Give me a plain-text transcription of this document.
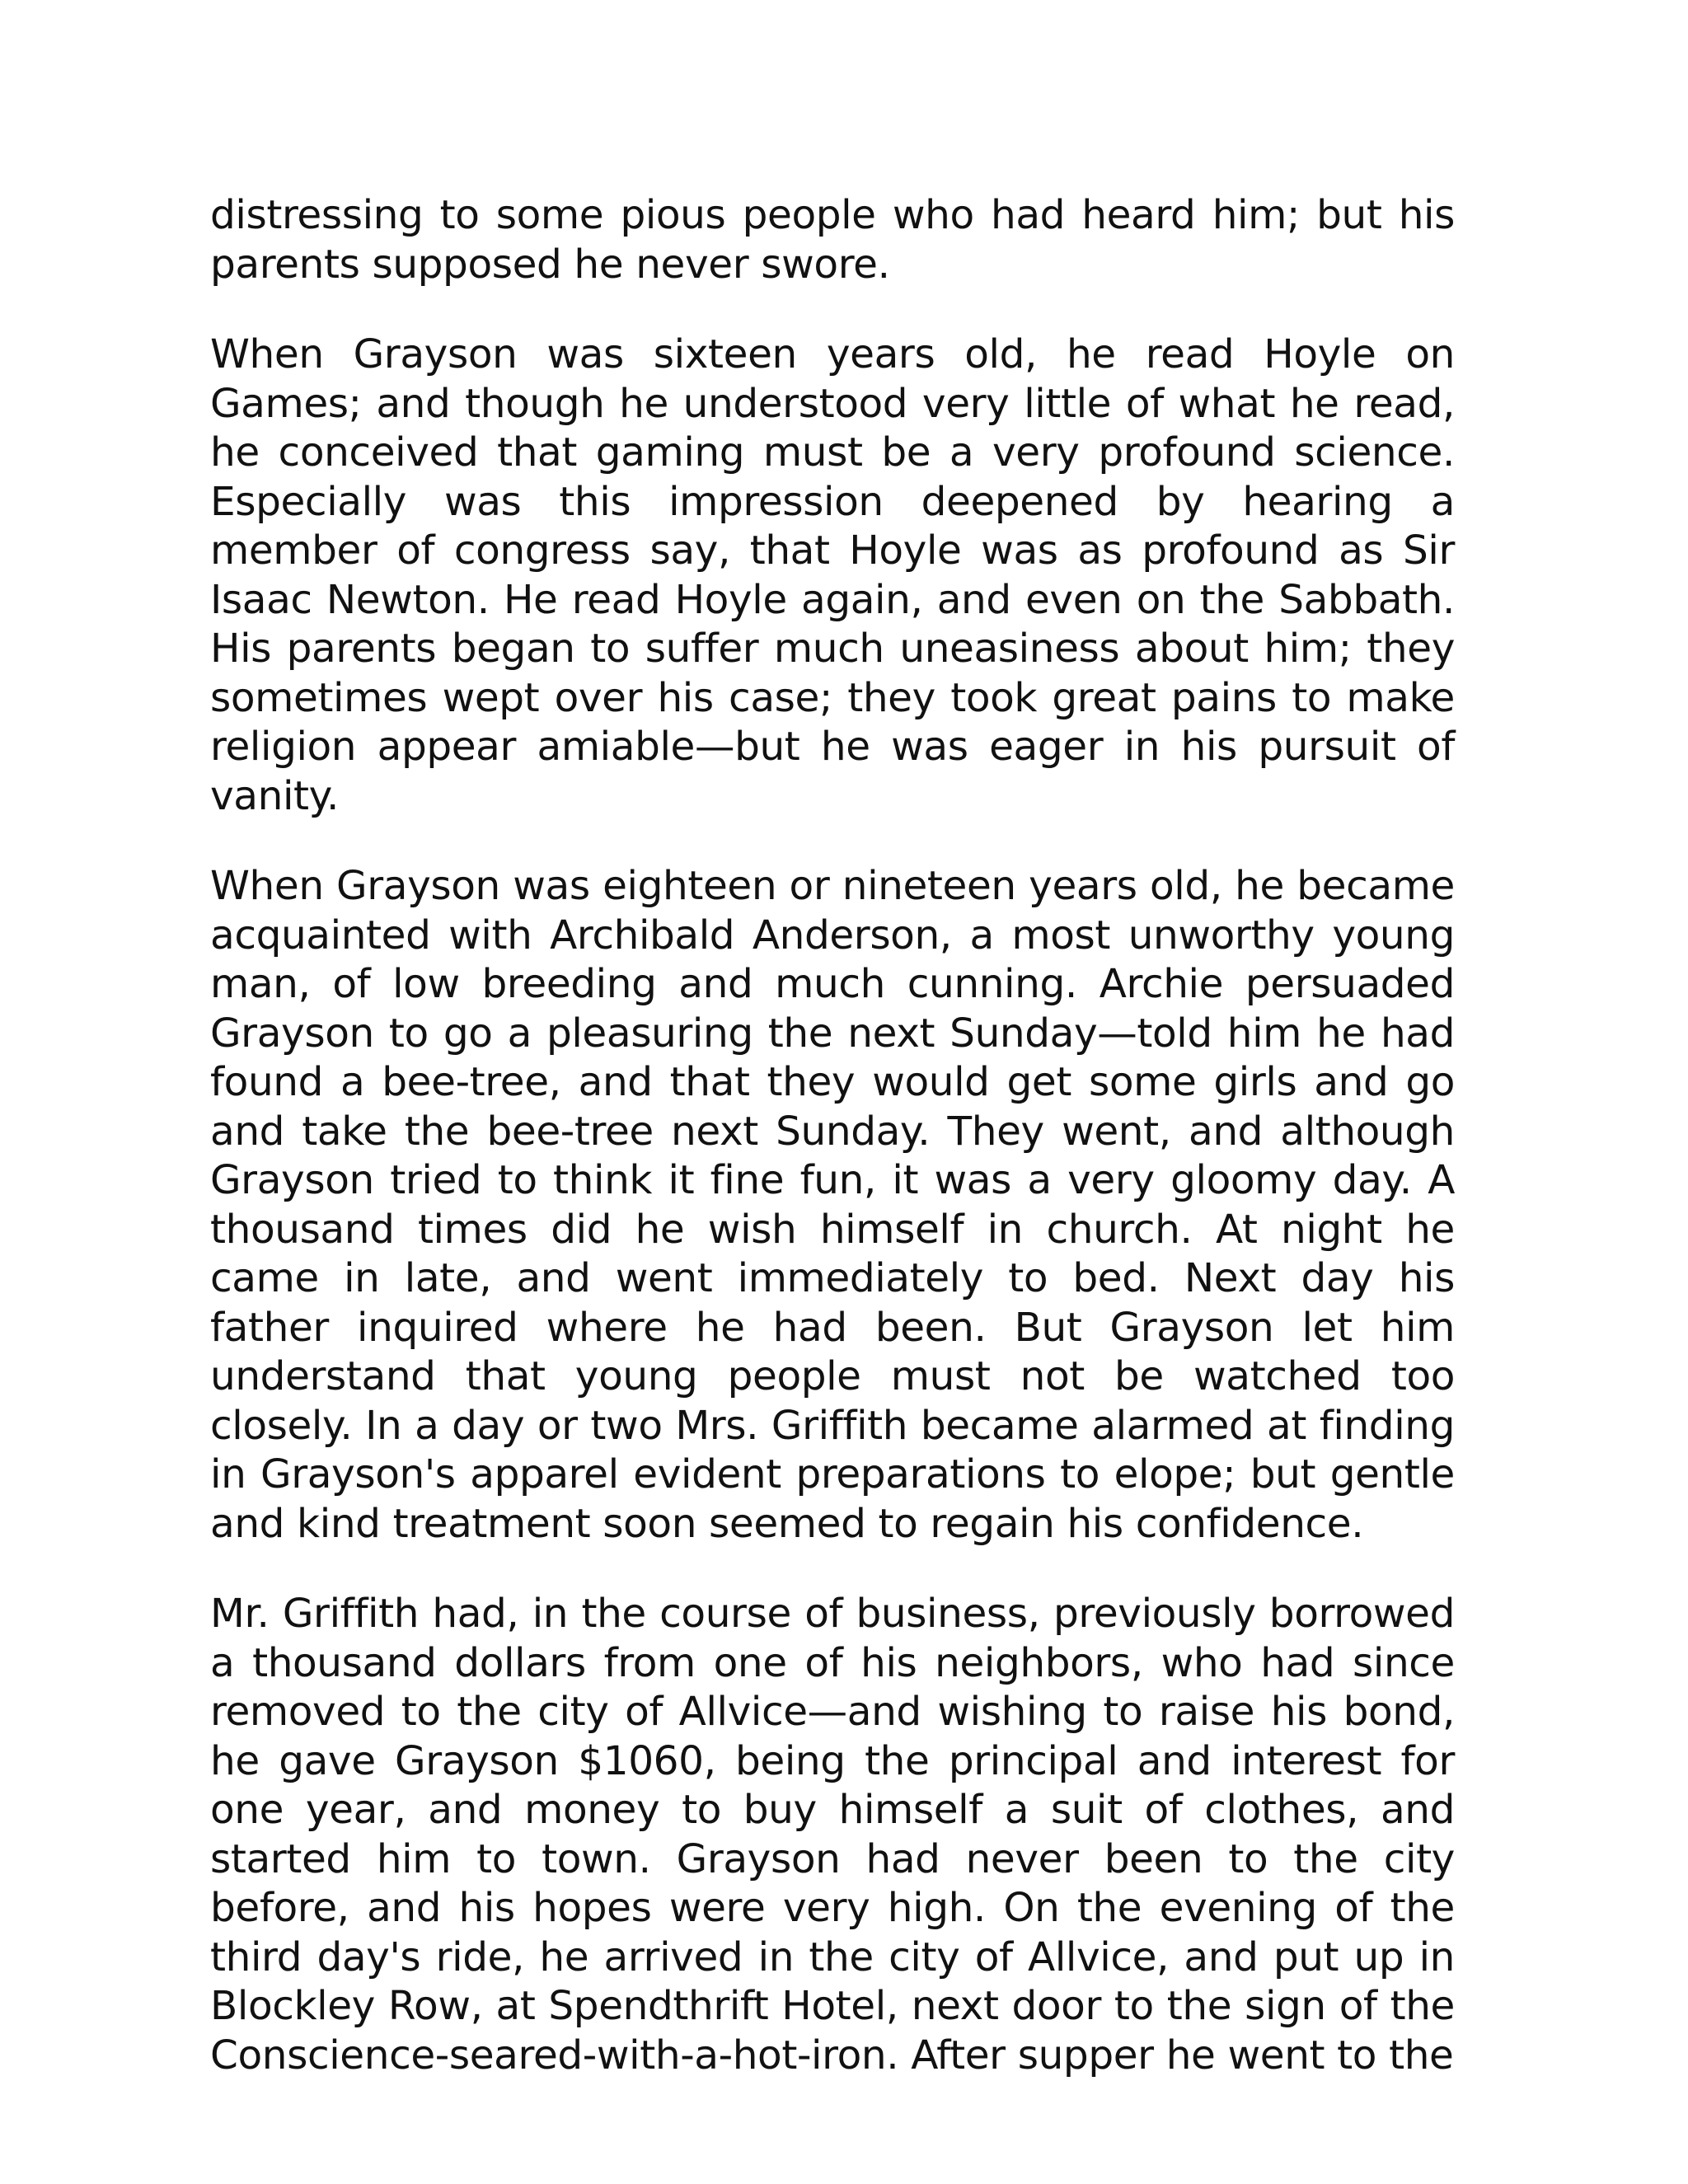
distressing to some pious people who had heard him; but his parents supposed he never swore.

When Grayson was sixteen years old, he read Hoyle on Games; and though he understood very little of what he read, he conceived that gaming must be a very profound science. Especially was this impression deepened by hearing a member of congress say, that Hoyle was as profound as Sir Isaac Newton. He read Hoyle again, and even on the Sabbath. His parents began to suffer much uneasiness about him; they sometimes wept over his case; they took great pains to make religion appear amiable—but he was eager in his pursuit of vanity.

When Grayson was eighteen or nineteen years old, he became acquainted with Archibald Anderson, a most unworthy young man, of low breeding and much cunning. Archie persuaded Grayson to go a pleasuring the next Sunday—told him he had found a bee-tree, and that they would get some girls and go and take the bee-tree next Sunday. They went, and although Grayson tried to think it fine fun, it was a very gloomy day. A thousand times did he wish himself in church. At night he came in late, and went immediately to bed. Next day his father inquired where he had been. But Grayson let him understand that young people must not be watched too closely. In a day or two Mrs. Griffith became alarmed at finding in Grayson's apparel evident preparations to elope; but gentle and kind treatment soon seemed to regain his confidence.

Mr. Griffith had, in the course of business, previously borrowed a thousand dollars from one of his neighbors, who had since removed to the city of Allvice—and wishing to raise his bond, he gave Grayson $1060, being the principal and interest for one year, and money to buy himself a suit of clothes, and started him to town. Grayson had never been to the city before, and his hopes were very high. On the evening of the third day's ride, he arrived in the city of Allvice, and put up in Blockley Row, at Spendthrift Hotel, next door to the sign of the Conscience-seared-with-a-hot-iron. After supper he went to the
